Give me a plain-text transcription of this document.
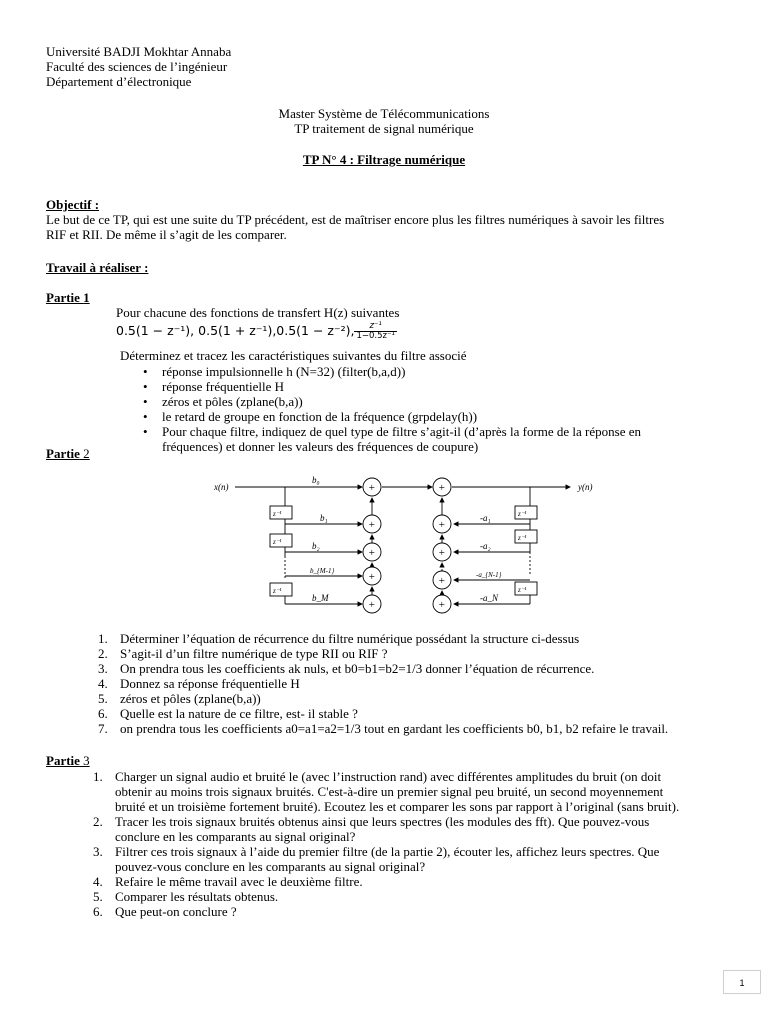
Université BADJI Mokhtar Annaba
Faculté des sciences de l’ingénieur
Département d’électronique
Master Système de Télécommunications
TP traitement de signal numérique
TP N° 4 : Filtrage numérique
Objectif :
Le but de ce TP, qui est une suite du TP précédent, est de maîtriser encore plus les filtres numériques à savoir les filtres
RIF et RII. De même il s’agit de les comparer.
Travail à réaliser :
Partie 1
Pour chacune des fonctions de transfert H(z) suivantes
0.5(1 − z⁻¹), 0.5(1 + z⁻¹),0.5(1 − z⁻²), $\frac{\text{z⁻¹}}{\text{1−0.5z⁻¹}}$
Déterminez et tracez les caractéristiques suivantes du filtre associé
• réponse impulsionnelle h (N=32) (filter(b,a,d))
• réponse fréquentielle H
• zéros et pôles (zplane(b,a))
• le retard de groupe en fonction de la fréquence (grpdelay(h))
• Pour chaque filtre, indiquez de quel type de filtre s’agit-il (d’après la forme de la réponse en
fréquences) et donner les valeurs des fréquences de coupure)
Partie 2
x(n)	y(n)
z⁻¹
z⁻¹
z⁻¹
z⁻¹
z⁻¹
z⁻¹
b₀
b₁
b₂
b_{M-1}
b_M
-a₁
-a₂
-a_{N-1}
-a_N
+
+
+
+
+
+
+
+
+
+
1. Déterminer l’équation de récurrence du filtre numérique possédant la structure ci-dessus
2. S’agit-il d’un filtre numérique de type RII ou RIF ?
3. On prendra tous les coefficients ak nuls, et b0=b1=b2=1/3 donner l’équation de récurrence.
4. Donnez sa réponse fréquentielle H
5. zéros et pôles (zplane(b,a))
6. Quelle est la nature de ce filtre, est- il stable ?
7. on prendra tous les coefficients a0=a1=a2=1/3 tout en gardant les coefficients b0, b1, b2 refaire le travail.
Partie 3
1. Charger un signal audio et bruité le (avec l’instruction rand) avec différentes amplitudes du bruit (on doit
obtenir au moins trois signaux bruités. C'est-à-dire un premier signal peu bruité, un second moyennement
bruité et un troisième fortement bruité). Ecoutez les et comparer les sons par rapport à l’original (sans bruit).
2. Tracer les trois signaux bruités obtenus ainsi que leurs spectres (les modules des fft). Que pouvez-vous
conclure en les comparants au signal original?
3. Filtrer ces trois signaux à l’aide du premier filtre (de la partie 2), écouter les, affichez leurs spectres. Que
pouvez-vous conclure en les comparants au signal original?
4. Refaire le même travail avec le deuxième filtre.
5. Comparer les résultats obtenus.
6. Que peut-on conclure ?
1
